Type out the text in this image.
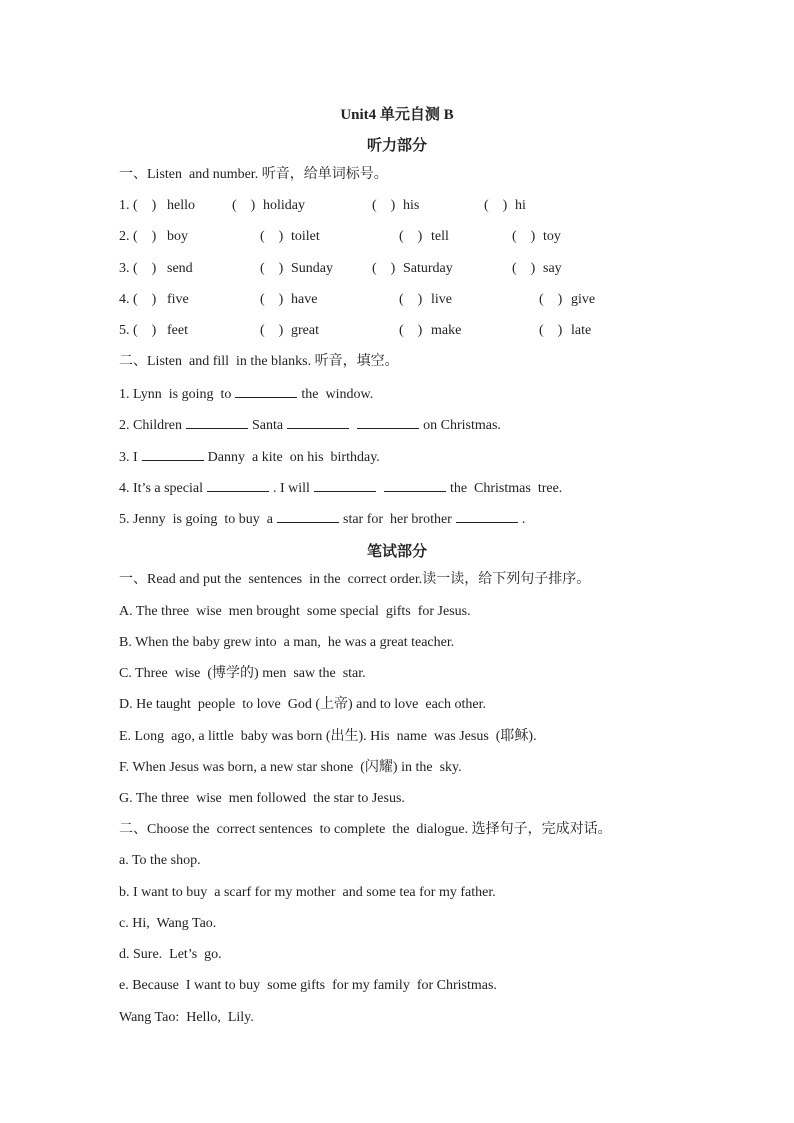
Unit4 单元自测 B
听力部分
一、Listen  and number. 听音，给单词标号。
1. (    ) hello	(    ) holiday	(    ) his	(    ) hi
2. (    ) boy	(    ) toilet	(    ) tell	(    ) toy
3. (    ) send	(    ) Sunday	(    ) Saturday	(    ) say
4. (    ) five	(    ) have	(    ) live	(    ) give
5. (    ) feet	(    ) great	(    ) make	(    ) late
二、Listen  and fill  in the blanks. 听音，填空。
1. Lynn  is going  to	the  window.
2. Children	Santa	on Christmas.
3. I	Danny  a kite  on his  birthday.
4. It’s a special	. I will	the  Christmas  tree.
5. Jenny  is going  to buy  a	star for  her brother	.
笔试部分
一、Read and put the  sentences  in the  correct order.读一读，给下列句子排序。
A. The three  wise  men brought  some special  gifts  for Jesus.
B. When the baby grew into  a man,  he was a great teacher.
C. Three  wise  (博学的) men  saw the  star.
D. He taught  people  to love  God (上帝) and to love  each other.
E. Long  ago, a little  baby was born (出生). His  name  was Jesus  (耶稣).
F. When Jesus was born, a new star shone  (闪耀) in the  sky.
G. The three  wise  men followed  the star to Jesus.
二、Choose the  correct sentences  to complete  the  dialogue. 选择句子，完成对话。
a. To the shop.
b. I want to buy  a scarf for my mother  and some tea for my father.
c. Hi,  Wang Tao.
d. Sure.  Let’s  go.
e. Because  I want to buy  some gifts  for my family  for Christmas.
Wang Tao:  Hello,  Lily.
